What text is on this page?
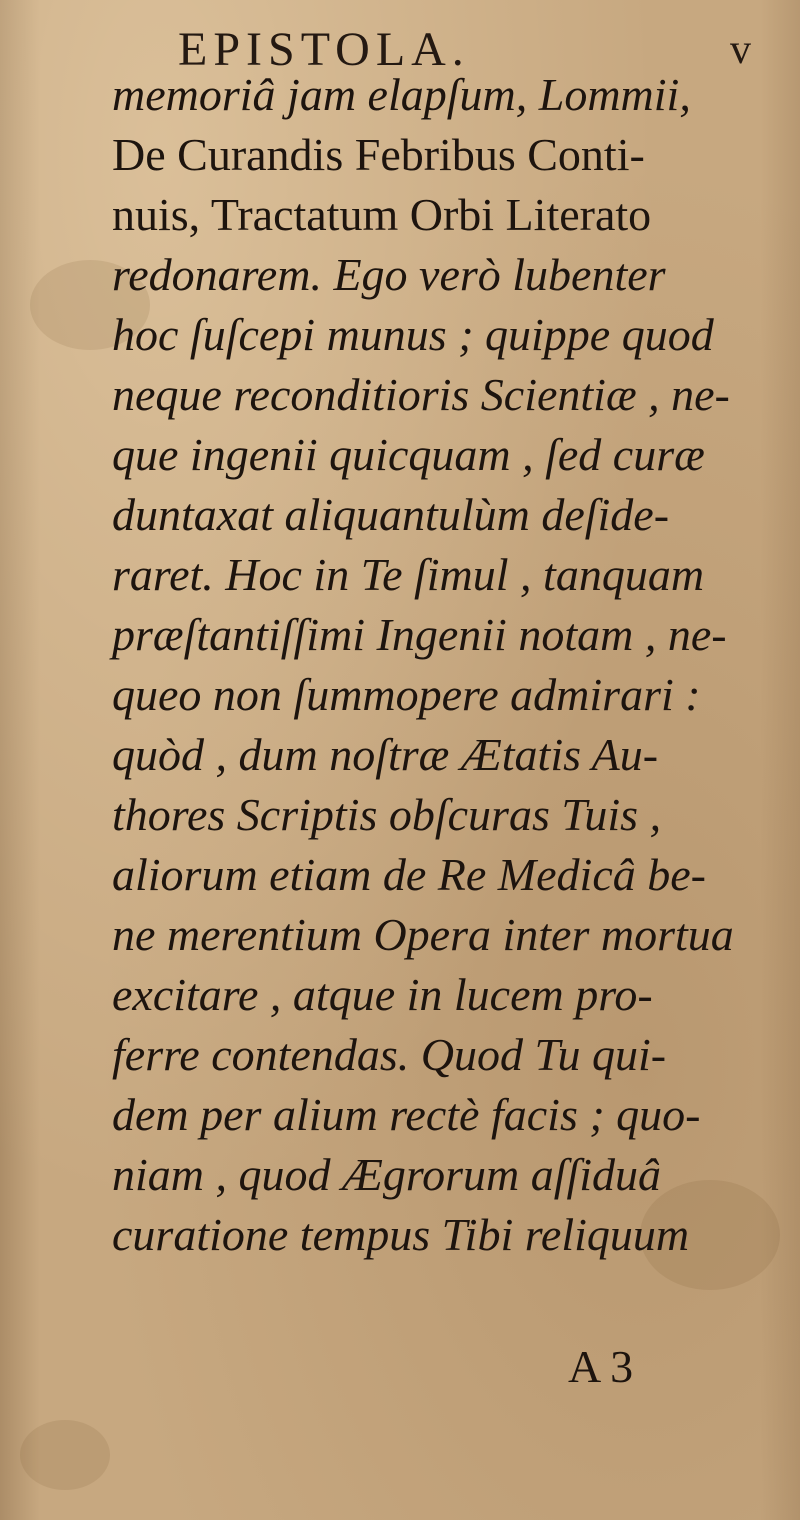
EPISTOLA.	v
memoriâ jam elapſum, Lommii,
De Curandis Febribus Conti-
nuis, Tractatum Orbi Literato
redonarem. Ego verò lubenter
hoc ſuſcepi munus ; quippe quod
neque reconditioris Scientiæ , ne-
que ingenii quicquam , ſed curæ
duntaxat aliquantulùm deſide-
raret. Hoc in Te ſimul , tanquam
præſtantiſſimi Ingenii notam , ne-
queo non ſummopere admirari :
quòd , dum noſtræ Ætatis Au-
thores Scriptis obſcuras Tuis ,
aliorum etiam de Re Medicâ be-
ne merentium Opera inter mortua
excitare , atque in lucem pro-
ferre contendas. Quod Tu qui-
dem per alium rectè facis ; quo-
niam , quod Ægrorum aſſiduâ
curatione tempus Tibi reliquum
A 3
